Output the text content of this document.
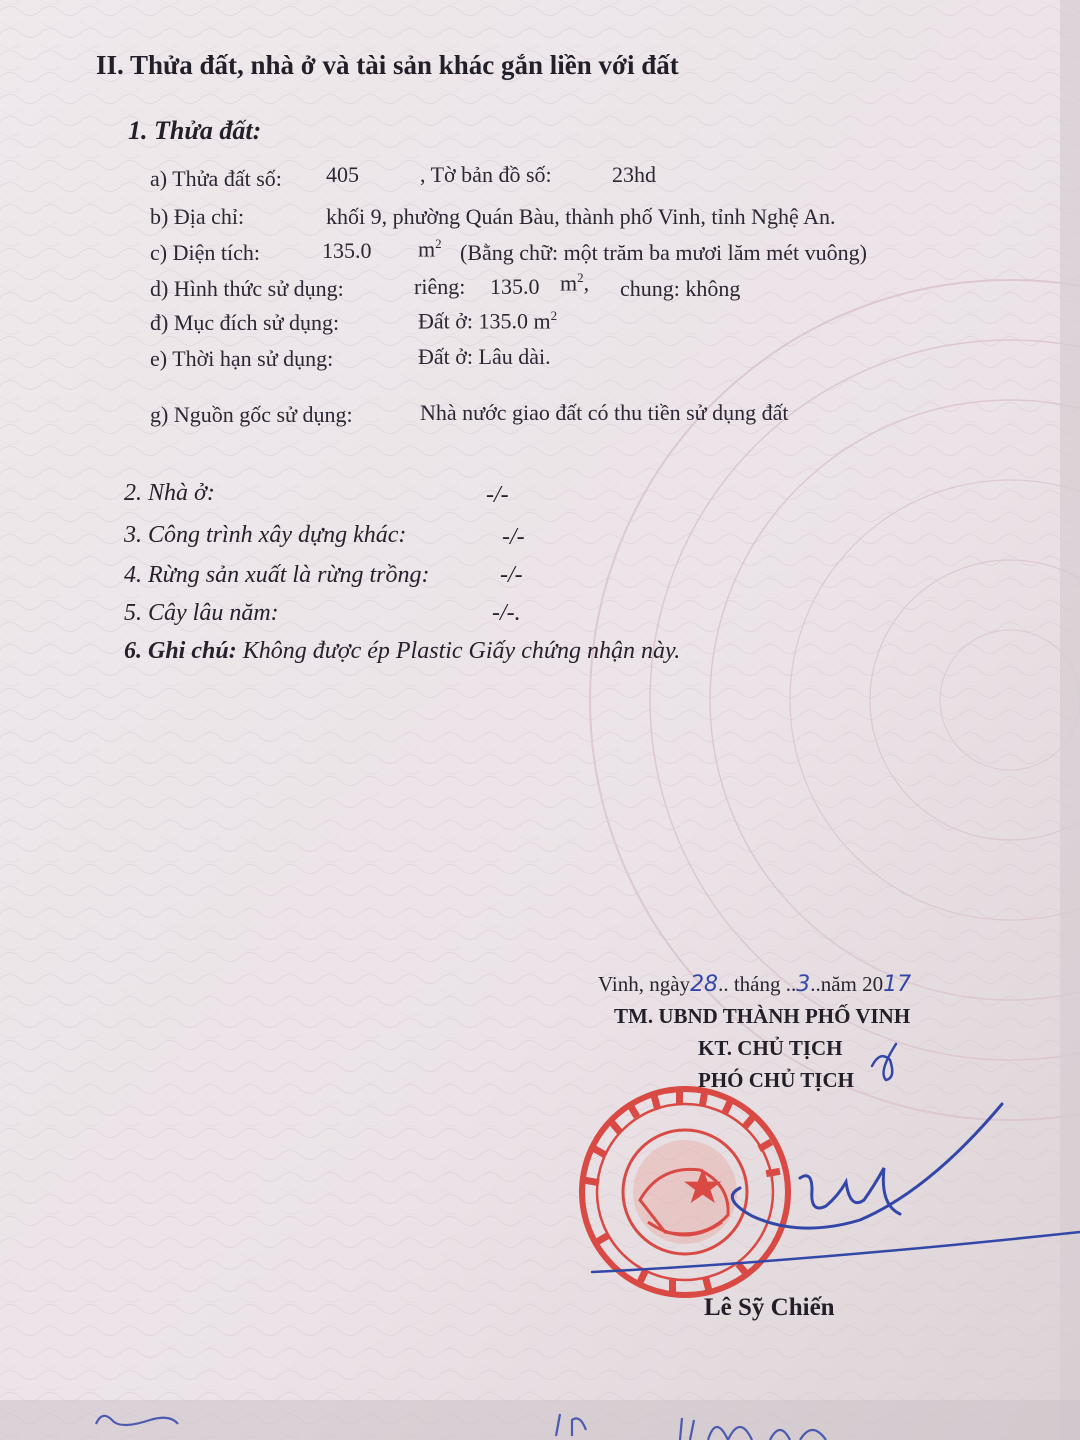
II. Thửa đất, nhà ở và tài sản khác gắn liền với đất
1. Thửa đất:
a) Thửa đất số: 405	, Tờ bản đồ số:	23hd
b) Địa chỉ:	khối 9, phường Quán Bàu, thành phố Vinh, tỉnh Nghệ An.
c) Diện tích:	135.0 $m^2$ (Bằng chữ: một trăm ba mươi lăm mét vuông)
d) Hình thức sử dụng:	riêng: 135.0 $m^2$, chung: không
đ) Mục đích sử dụng:	Đất ở: 135.0 $m^2$
e) Thời hạn sử dụng:	Đất ở: Lâu dài.
g) Nguồn gốc sử dụng:	Nhà nước giao đất có thu tiền sử dụng đất
2. Nhà ở:	-/-
3. Công trình xây dựng khác:	-/-
4. Rừng sản xuất là rừng trồng:	-/-
5. Cây lâu năm:	-/-.
6. Ghi chú: Không được ép Plastic Giấy chứng nhận này.
Vinh, ngày28.. tháng ..3..năm 2017
TM. UBND THÀNH PHỐ VINH
KT. CHỦ TỊCH
PHÓ CHỦ TỊCH
Lê Sỹ Chiến
